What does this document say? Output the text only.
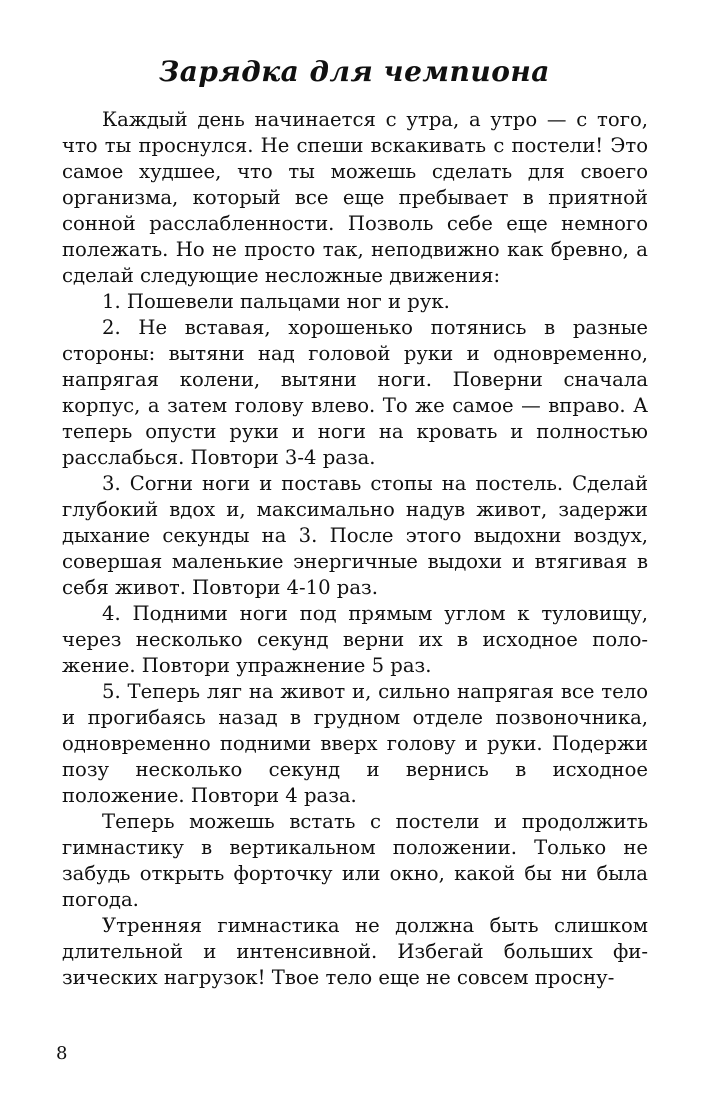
Зарядка для чемпиона

Каждый день начинается с утра, а утро — с того, что ты проснулся. Не спеши вскакивать с постели! Это самое худшее, что ты можешь сделать для своего организма, который все еще пребывает в приятной сонной расслабленности. Позволь себе еще немного полежать. Но не просто так, неподвижно как бревно, а сделай следующие несложные движения:

1. Пошевели пальцами ног и рук.

2. Не вставая, хорошенько потянись в разные стороны: вытяни над головой руки и одновременно, напрягая колени, вытяни ноги. Поверни сначала корпус, а затем голову влево. То же самое — вправо. А теперь опусти руки и ноги на кровать и полностью расслабься. Повтори 3-4 раза.

3. Согни ноги и поставь стопы на постель. Сделай глубокий вдох и, максимально надув живот, задержи дыхание секунды на 3. После этого выдохни воздух, совершая маленькие энергичные выдохи и втягивая в себя живот. Повтори 4-10 раз.

4. Подними ноги под прямым углом к туловищу, через несколько секунд верни их в исходное положение. Повтори упражнение 5 раз.

5. Теперь ляг на живот и, сильно напрягая все тело и прогибаясь назад в грудном отделе позвоночника, одновременно подними вверх голову и руки. Подержи позу несколько секунд и вернись в исходное положение. Повтори 4 раза.

Теперь можешь встать с постели и продолжить гимнастику в вертикальном положении. Только не забудь открыть форточку или окно, какой бы ни была погода.

Утренняя гимнастика не должна быть слишком длительной и интенсивной. Избегай больших физических нагрузок! Твое тело еще не совсем просну-

8
